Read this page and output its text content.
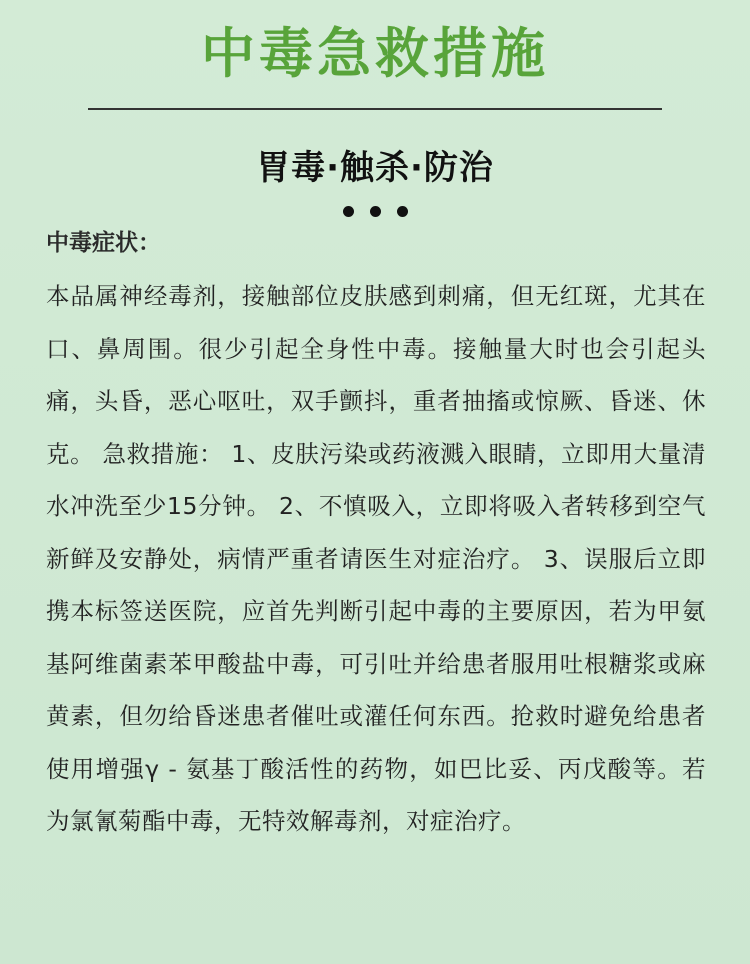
中毒急救措施
胃毒·触杀·防治
中毒症状：
本品属神经毒剂，接触部位皮肤感到刺痛，但无红斑，尤其在口、鼻周围。很少引起全身性中毒。接触量大时也会引起头痛，头昏，恶心呕吐，双手颤抖，重者抽搐或惊厥、昏迷、休克。 急救措施： 1、皮肤污染或药液溅入眼睛，立即用大量清水冲洗至少15分钟。 2、不慎吸入，立即将吸入者转移到空气新鲜及安静处，病情严重者请医生对症治疗。 3、误服后立即携本标签送医院，应首先判断引起中毒的主要原因，若为甲氨基阿维菌素苯甲酸盐中毒，可引吐并给患者服用吐根糖浆或麻黄素，但勿给昏迷患者催吐或灌任何东西。抢救时避免给患者使用增强γ - 氨基丁酸活性的药物，如巴比妥、丙戊酸等。若为氯氰菊酯中毒，无特效解毒剂，对症治疗。
